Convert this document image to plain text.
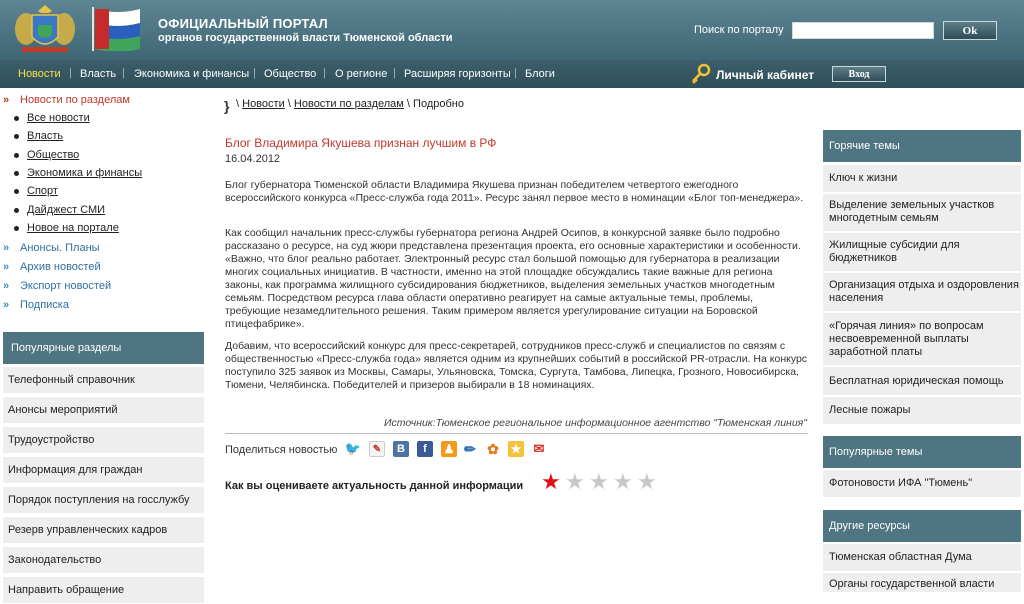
ОФИЦИАЛЬНЫЙ ПОРТАЛ
органов государственной власти Тюменской области
Поиск по порталу	Ok
Новости | Власть | Экономика и финансы | Общество | О регионе | Расширяя горизонты | Блоги	Личный кабинет	Вход
» Новости по разделам
Все новости
Власть
Общество
Экономика и финансы
Спорт
Дайджест СМИ
Новое на портале
» Анонсы. Планы
» Архив новостей
» Экспорт новостей
» Подписка
Популярные разделы
Телефонный справочник
Анонсы мероприятий
Трудоустройство
Информация для граждан
Порядок поступления на госслужбу
Резерв управленческих кадров
Законодательство
Направить обращение
} \ Новости \ Новости по разделам \ Подробно
Блог Владимира Якушева признан лучшим в РФ
16.04.2012
Блог губернатора Тюменской области Владимира Якушева признан победителем четвертого ежегодного всероссийского конкурса «Пресс-служба года 2011». Ресурс занял первое место в номинации «Блог топ-менеджера».
Как сообщил начальник пресс-службы губернатора региона Андрей Осипов, в конкурсной заявке было подробно рассказано о ресурсе, на суд жюри представлена презентация проекта, его основные характеристики и особенности. «Важно, что блог реально работает. Электронный ресурс стал большой помощью для губернатора в реализации многих социальных инициатив. В частности, именно на этой площадке обсуждались такие важные для региона законы, как программа жилищного субсидирования бюджетников, выделения земельных участков многодетным семьям. Посредством ресурса глава области оперативно реагирует на самые актуальные темы, проблемы, требующие незамедлительного решения. Таким примером является урегулирование ситуации на Боровской птицефабрике».
Добавим, что всероссийский конкурс для пресс-секретарей, сотрудников пресс-служб и специалистов по связям с общественностью «Пресс-служба года» является одним из крупнейших событий в российской PR-отрасли. На конкурс поступило 325 заявок из Москвы, Самары, Ульяновска, Томска, Сургута, Тамбова, Липецка, Грозного, Новосибирска, Тюмени, Челябинска. Победителей и призеров выбирали в 18 номинациях.
Источник:Тюменское региональное информационное агентство "Тюменская линия"
Поделиться новостью 🐦	✎	B	f	♟ ✏ ✿ ★ ✉
Как вы оцениваете актуальность данной информации ★ ★ ★ ★ ★
Горячие темы
Ключ к жизни
Выделение земельных участков многодетным семьям
Жилищные субсидии для бюджетников
Организация отдыха и оздоровления населения
«Горячая линия» по вопросам несвоевременной выплаты заработной платы
Бесплатная юридическая помощь
Лесные пожары
Популярные темы
Фотоновости ИФА "Тюмень"
Другие ресурсы
Тюменская областная Дума
Органы государственной власти
